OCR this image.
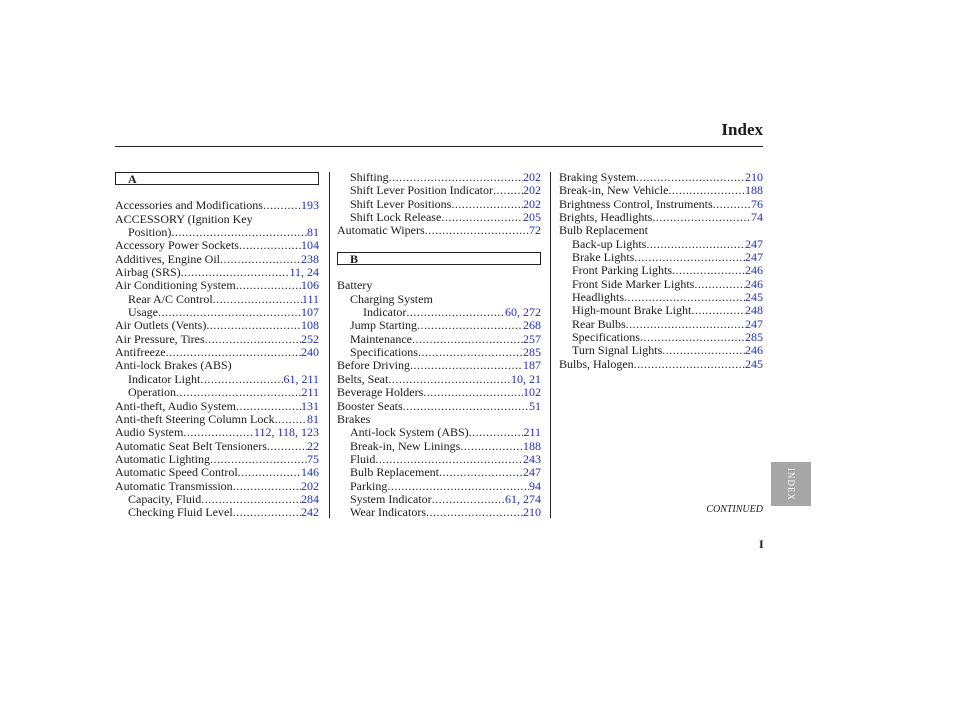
Index
A
Accessories and Modifications .....	193
ACCESSORY (Ignition Key
Position) .....	81
Accessory Power Sockets .....	104
Additives, Engine Oil .....	238
Airbag (SRS) .....	11, 24
Air Conditioning System .....	106
Rear A/C Control .....	111
Usage .....	107
Air Outlets (Vents) .....	108
Air Pressure, Tires .....	252
Antifreeze .....	240
Anti-lock Brakes (ABS)
Indicator Light .....	61, 211
Operation .....	211
Anti-theft, Audio System .....	131
Anti-theft Steering Column Lock .....	81
Audio System .....	112, 118, 123
Automatic Seat Belt Tensioners .....	22
Automatic Lighting .....	75
Automatic Speed Control .....	146
Automatic Transmission .....	202
Capacity, Fluid .....	284
Checking Fluid Level .....	242
Shifting .....	202
Shift Lever Position Indicator .....	202
Shift Lever Positions .....	202
Shift Lock Release .....	205
Automatic Wipers .....	72
B
Battery
Charging System
Indicator .....	60, 272
Jump Starting .....	268
Maintenance .....	257
Specifications .....	285
Before Driving .....	187
Belts, Seat .....	10, 21
Beverage Holders .....	102
Booster Seats .....	51
Brakes
Anti-lock System (ABS) .....	211
Break-in, New Linings .....	188
Fluid .....	243
Bulb Replacement .....	247
Parking .....	94
System Indicator .....	61, 274
Wear Indicators .....	210
Braking System .....	210
Break-in, New Vehicle .....	188
Brightness Control, Instruments .....	76
Brights, Headlights .....	74
Bulb Replacement
Back-up Lights .....	247
Brake Lights .....	247
Front Parking Lights .....	246
Front Side Marker Lights .....	246
Headlights .....	245
High-mount Brake Light .....	248
Rear Bulbs .....	247
Specifications .....	285
Turn Signal Lights .....	246
Bulbs, Halogen .....	245
CONTINUED
I
INDEX
